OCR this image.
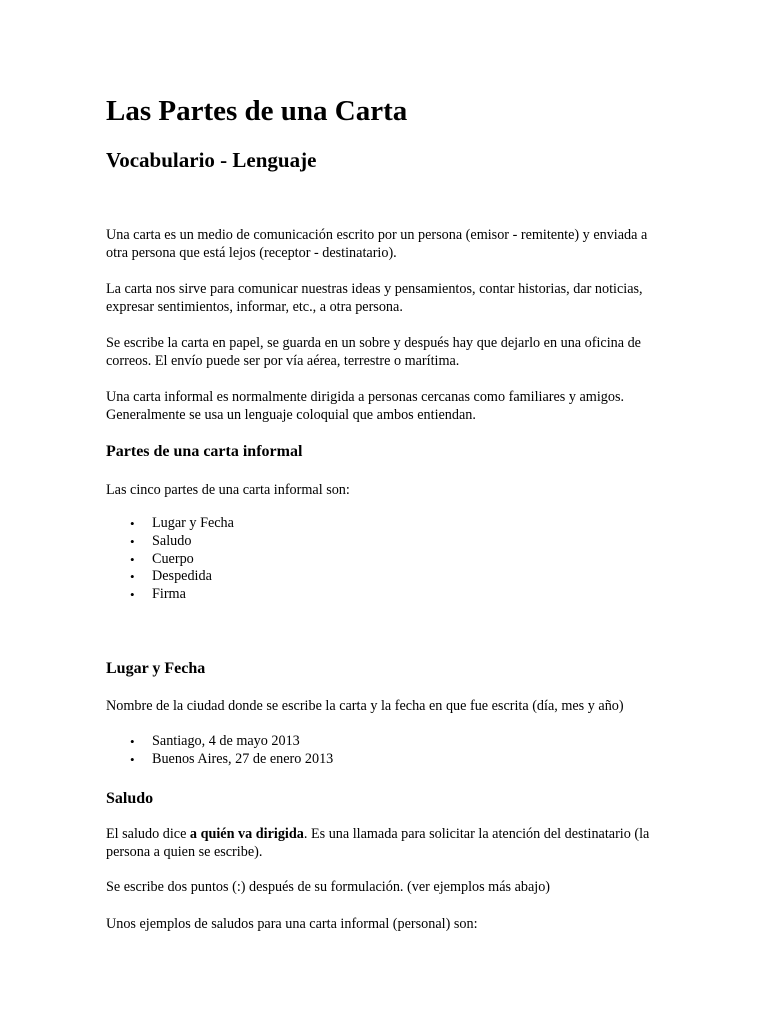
Las Partes de una Carta
Vocabulario - Lenguaje

Una carta es un medio de comunicación escrito por un persona (emisor - remitente) y enviada a otra persona que está lejos (receptor - destinatario).

La carta nos sirve para comunicar nuestras ideas y pensamientos, contar historias, dar noticias, expresar sentimientos, informar, etc., a otra persona.

Se escribe la carta en papel, se guarda en un sobre y después hay que dejarlo en una oficina de correos. El envío puede ser por vía aérea, terrestre o marítima.

Una carta informal es normalmente dirigida a personas cercanas como familiares y amigos. Generalmente se usa un lenguaje coloquial que ambos entiendan.

Partes de una carta informal

Las cinco partes de una carta informal son:

• Lugar y Fecha
• Saludo
• Cuerpo
• Despedida
• Firma
Lugar y Fecha

Nombre de la ciudad donde se escribe la carta y la fecha en que fue escrita (día, mes y año)

• Santiago, 4 de mayo 2013
• Buenos Aires, 27 de enero 2013
Saludo

El saludo dice a quién va dirigida. Es una llamada para solicitar la atención del destinatario (la persona a quien se escribe).

Se escribe dos puntos (:) después de su formulación. (ver ejemplos más abajo)

Unos ejemplos de saludos para una carta informal (personal) son:
